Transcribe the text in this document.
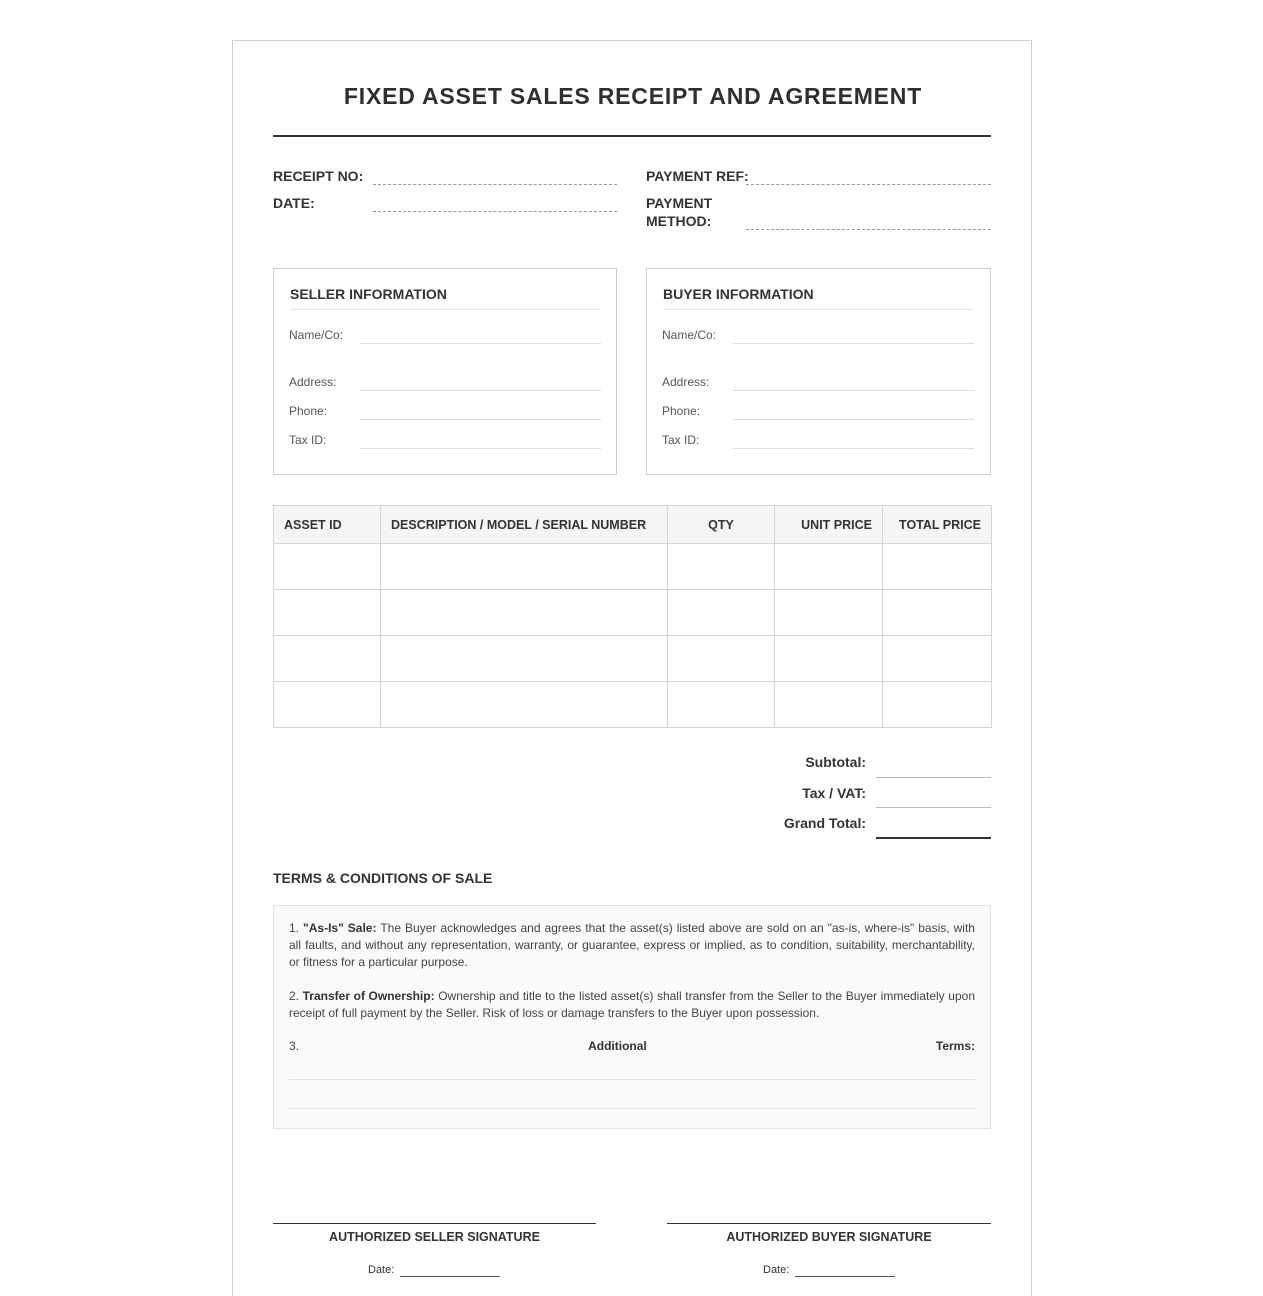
FIXED ASSET SALES RECEIPT AND AGREEMENT
RECEIPT NO:
DATE:
PAYMENT REF:
PAYMENT
METHOD:
SELLER INFORMATION
Name/Co:
Address:
Phone:
Tax ID:
BUYER INFORMATION
Name/Co:
Address:
Phone:
Tax ID:
ASSET ID	DESCRIPTION / MODEL / SERIAL NUMBER	QTY	UNIT PRICE	TOTAL PRICE

Subtotal:
Tax / VAT:
Grand Total:
TERMS & CONDITIONS OF SALE
1. "As-Is" Sale: The Buyer acknowledges and agrees that the asset(s) listed above are sold on an "as-is, where-is" basis, with all faults, and without any representation, warranty, or guarantee, express or implied, as to condition, suitability, merchantability, or fitness for a particular purpose.
2. Transfer of Ownership: Ownership and title to the listed asset(s) shall transfer from the Seller to the Buyer immediately upon receipt of full payment by the Seller. Risk of loss or damage transfers to the Buyer upon possession.
3.	Additional	Terms:
AUTHORIZED SELLER SIGNATURE
Date:
AUTHORIZED BUYER SIGNATURE
Date:
